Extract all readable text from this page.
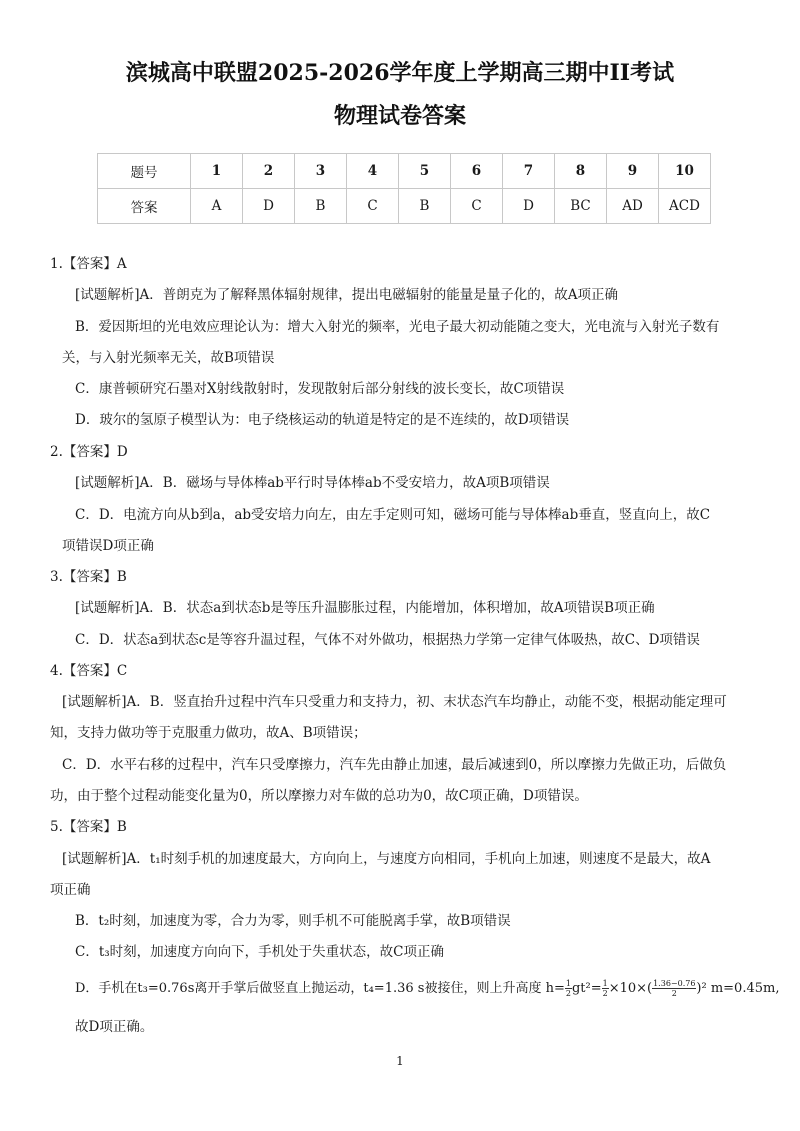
滨城高中联盟2025-2026学年度上学期高三期中II考试
物理试卷答案
题号	1	2	3	4	5	6	7	8	9	10
答案	A	D	B	C	B	C	D	BC	AD	ACD
1.【答案】A
[试题解析]A．普朗克为了解释黑体辐射规律，提出电磁辐射的能量是量子化的，故A项正确
B．爱因斯坦的光电效应理论认为：增大入射光的频率，光电子最大初动能随之变大，光电流与入射光子数有
关，与入射光频率无关，故B项错误
C．康普顿研究石墨对X射线散射时，发现散射后部分射线的波长变长，故C项错误
D．玻尔的氢原子模型认为：电子绕核运动的轨道是特定的是不连续的，故D项错误
2.【答案】D
[试题解析]A．B．磁场与导体棒ab平行时导体棒ab不受安培力，故A项B项错误
C．D．电流方向从b到a，ab受安培力向左，由左手定则可知，磁场可能与导体棒ab垂直，竖直向上，故C
项错误D项正确
3.【答案】B
[试题解析]A．B．状态a到状态b是等压升温膨胀过程，内能增加，体积增加，故A项错误B项正确
C．D．状态a到状态c是等容升温过程，气体不对外做功，根据热力学第一定律气体吸热，故C、D项错误
4.【答案】C
[试题解析]A．B．竖直抬升过程中汽车只受重力和支持力，初、末状态汽车均静止，动能不变，根据动能定理可
知，支持力做功等于克服重力做功，故A、B项错误；
C．D．水平右移的过程中，汽车只受摩擦力，汽车先由静止加速，最后减速到0，所以摩擦力先做正功，后做负
功，由于整个过程动能变化量为0，所以摩擦力对车做的总功为0，故C项正确，D项错误。
5.【答案】B
[试题解析]A．t₁时刻手机的加速度最大，方向向上，与速度方向相同，手机向上加速，则速度不是最大，故A
项正确
B．t₂时刻，加速度为零，合力为零，则手机不可能脱离手掌，故B项错误
C．t₃时刻，加速度方向向下，手机处于失重状态，故C项正确
D．手机在t₃=0.76s离开手掌后做竖直上抛运动，t₄=1.36 s被接住，则上升高度 $h= \frac{1}{2} gt^2= \frac{1}{2} \times 10\times( \frac{1.36-0.76}{2} )^2$ m=0.45m,
故D项正确。
1
